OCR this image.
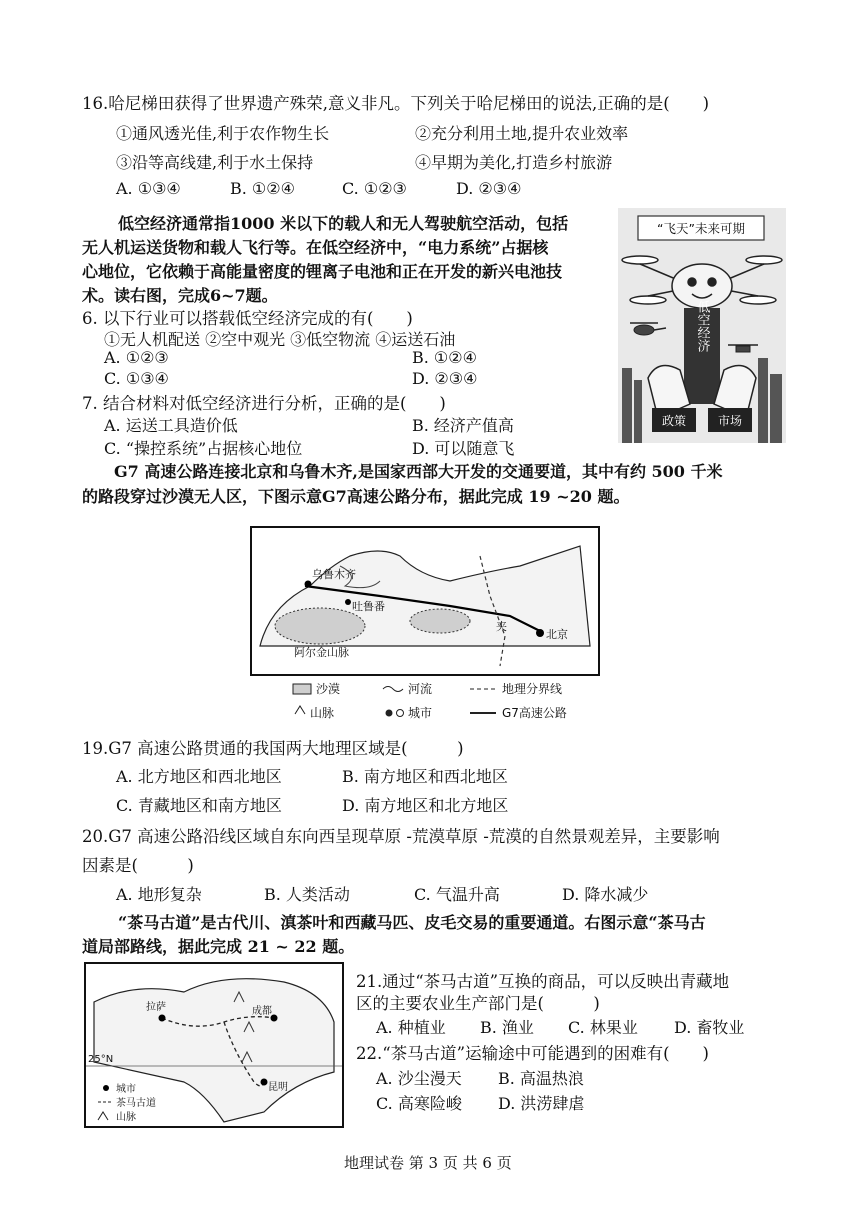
16.哈尼梯田获得了世界遗产殊荣,意义非凡。下列关于哈尼梯田的说法,正确的是(　　)
①通风透光佳,利于农作物生长	②充分利用土地,提升农业效率
③沿等高线建,利于水土保持	④早期为美化,打造乡村旅游
A. ①③④	B. ①②④	C. ①②③	D. ②③④
低空经济通常指1000 米以下的载人和无人驾驶航空活动，包括
无人机运送货物和载人飞行等。在低空经济中，“电力系统”占据核
心地位，它依赖于高能量密度的锂离子电池和正在开发的新兴电池技
术。读右图，完成6~7题。
6. 以下行业可以搭载低空经济完成的有(　　)
①无人机配送 ②空中观光 ③低空物流 ④运送石油
A. ①②③	B. ①②④
C. ①③④	D. ②③④
7. 结合材料对低空经济进行分析，正确的是(　　)
A. 运送工具造价低	B. 经济产值高
C. “操控系统”占据核心地位	D. 可以随意飞
“飞天”未来可期
低空经济
政策	市场
G7 高速公路连接北京和乌鲁木齐,是国家西部大开发的交通要道，其中有约 500 千米
的路段穿过沙漠无人区，下图示意G7高速公路分布，据此完成 19 ~20 题。
乌鲁木齐
吐鲁番
阿尔金山脉
北京
夹
沙漠	河流	地理分界线
山脉	城市	G7高速公路
19.G7 高速公路贯通的我国两大地理区域是(　　　)
A. 北方地区和西北地区	B. 南方地区和西北地区
C. 青藏地区和南方地区	D. 南方地区和北方地区
20.G7 高速公路沿线区域自东向西呈现草原 -荒漠草原 -荒漠的自然景观差异，主要影响
因素是(　　　)
A. 地形复杂	B. 人类活动	C. 气温升高	D. 降水减少
“茶马古道”是古代川、滇茶叶和西藏马匹、皮毛交易的重要通道。右图示意“茶马古
道局部路线，据此完成 21 ~ 22 题。
拉萨	成都
昆明
25°N
城市
茶马古道
山脉
21.通过“茶马古道”互换的商品，可以反映出青藏地
区的主要农业生产部门是(　　　)
A. 种植业 B. 渔业 C. 林果业 D. 畜牧业
22.“茶马古道”运输途中可能遇到的困难有(　　)
A. 沙尘漫天 B. 高温热浪
C. 高寒险峻 D. 洪涝肆虐
地理试卷 第 3 页 共 6 页
